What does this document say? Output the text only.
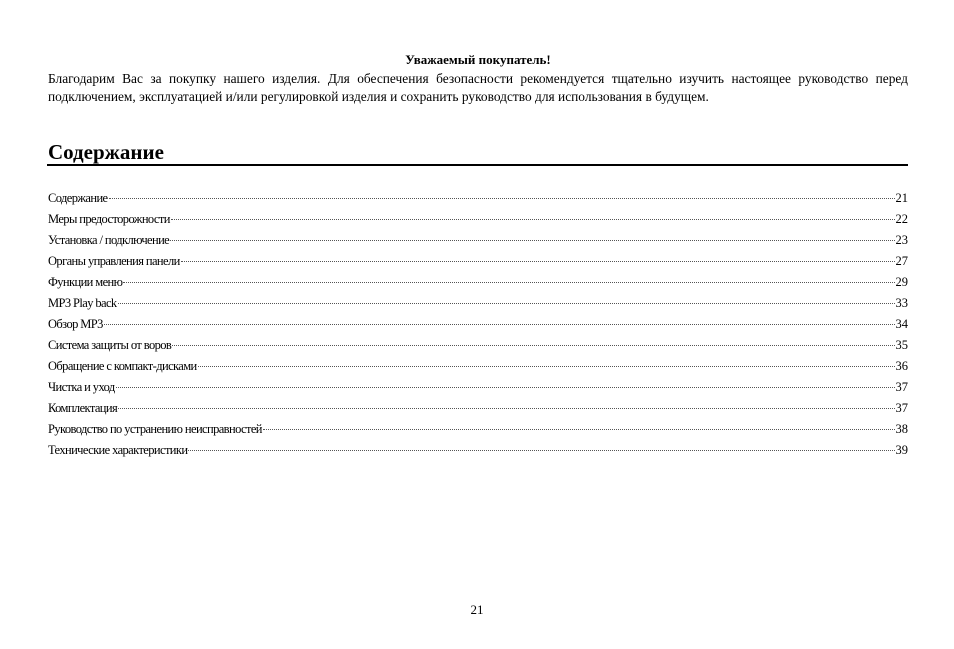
Уважаемый покупатель!

Благодарим Вас за покупку нашего изделия. Для обеспечения безопасности рекомендуется тщательно изучить настоящее руководство перед подключением, эксплуатацией и/или регулировкой изделия и сохранить руководство для использования в будущем.

Содержание
Содержание	21
Меры предосторожности	22
Установка / подключение	23
Органы управления панели	27
Функции меню	29
MP3 Play back	33
Обзор MP3	34
Система защиты от воров	35
Обращение с компакт-дисками	36
Чистка и уход	37
Комплектация	37
Руководство по устранению неисправностей	38
Технические характеристики	39
21
